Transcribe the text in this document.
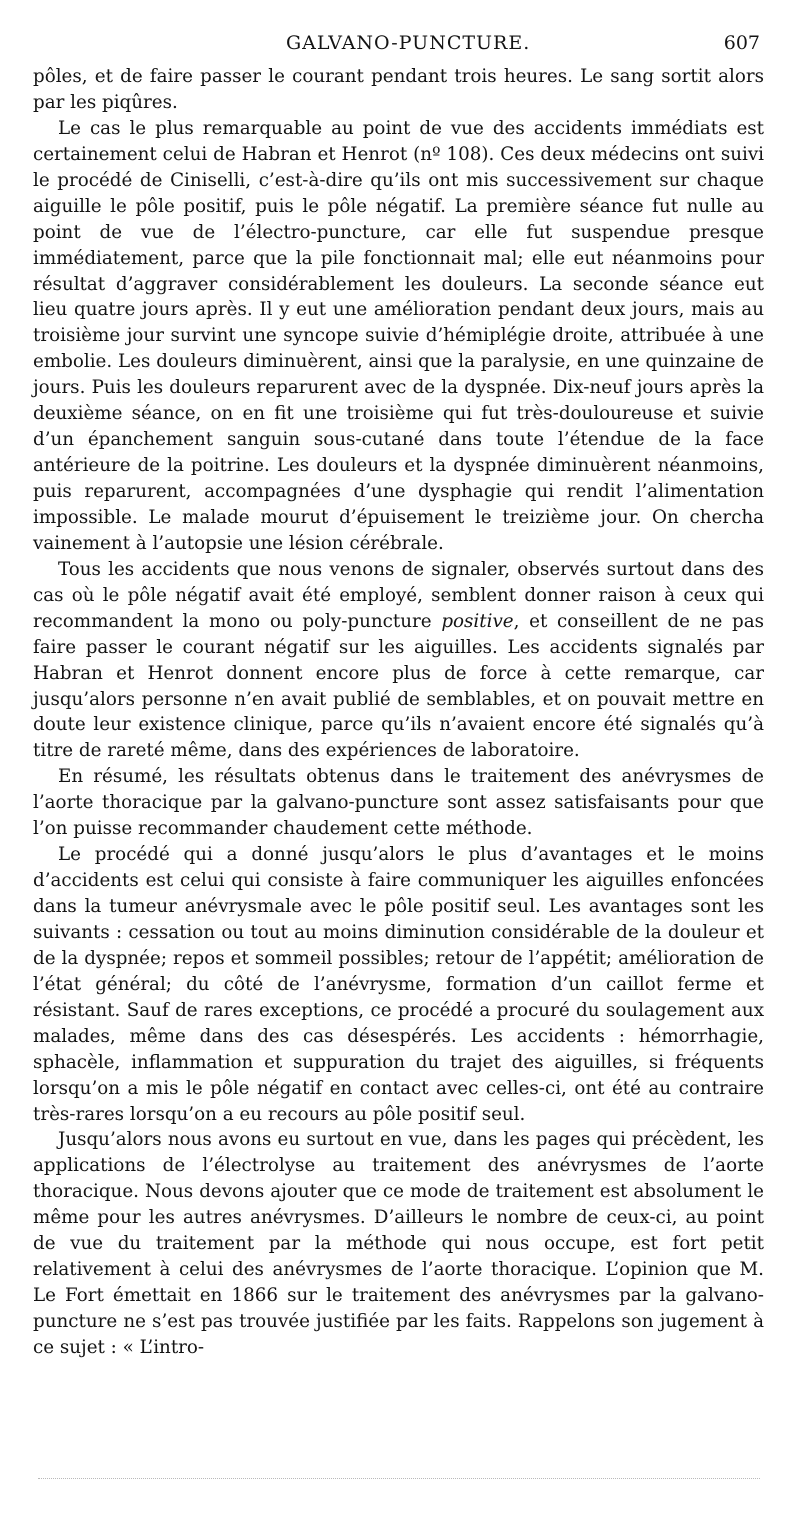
GALVANO-PUNCTURE.	607

pôles, et de faire passer le courant pendant trois heures. Le sang sortit alors par les piqûres.

Le cas le plus remarquable au point de vue des accidents immédiats est certainement celui de Habran et Henrot (nº 108). Ces deux médecins ont suivi le procédé de Ciniselli, c’est-à-dire qu’ils ont mis successivement sur chaque aiguille le pôle positif, puis le pôle négatif. La première séance fut nulle au point de vue de l’électro-puncture, car elle fut suspendue presque immédiatement, parce que la pile fonctionnait mal; elle eut néanmoins pour résultat d’aggraver considérablement les douleurs. La seconde séance eut lieu quatre jours après. Il y eut une amélioration pendant deux jours, mais au troisième jour survint une syncope suivie d’hémiplégie droite, attribuée à une embolie. Les douleurs diminuèrent, ainsi que la paralysie, en une quinzaine de jours. Puis les douleurs reparurent avec de la dyspnée. Dix-neuf jours après la deuxième séance, on en fit une troisième qui fut très-douloureuse et suivie d’un épanchement sanguin sous-cutané dans toute l’étendue de la face antérieure de la poitrine. Les douleurs et la dyspnée diminuèrent néanmoins, puis reparurent, accompagnées d’une dysphagie qui rendit l’alimentation impossible. Le malade mourut d’épuisement le treizième jour. On chercha vainement à l’autopsie une lésion cérébrale.

Tous les accidents que nous venons de signaler, observés surtout dans des cas où le pôle négatif avait été employé, semblent donner raison à ceux qui recommandent la mono ou poly-puncture positive, et conseillent de ne pas faire passer le courant négatif sur les aiguilles. Les accidents signalés par Habran et Henrot donnent encore plus de force à cette remarque, car jusqu’alors personne n’en avait publié de semblables, et on pouvait mettre en doute leur existence clinique, parce qu’ils n’avaient encore été signalés qu’à titre de rareté même, dans des expériences de laboratoire.

En résumé, les résultats obtenus dans le traitement des anévrysmes de l’aorte thoracique par la galvano-puncture sont assez satisfaisants pour que l’on puisse recommander chaudement cette méthode.

Le procédé qui a donné jusqu’alors le plus d’avantages et le moins d’accidents est celui qui consiste à faire communiquer les aiguilles enfoncées dans la tumeur anévrysmale avec le pôle positif seul. Les avantages sont les suivants : cessation ou tout au moins diminution considérable de la douleur et de la dyspnée; repos et sommeil possibles; retour de l’appétit; amélioration de l’état général; du côté de l’anévrysme, formation d’un caillot ferme et résistant. Sauf de rares exceptions, ce procédé a procuré du soulagement aux malades, même dans des cas désespérés. Les accidents : hémorrhagie, sphacèle, inflammation et suppuration du trajet des aiguilles, si fréquents lorsqu’on a mis le pôle négatif en contact avec celles-ci, ont été au contraire très-rares lorsqu’on a eu recours au pôle positif seul.

Jusqu’alors nous avons eu surtout en vue, dans les pages qui précèdent, les applications de l’électrolyse au traitement des anévrysmes de l’aorte thoracique. Nous devons ajouter que ce mode de traitement est absolument le même pour les autres anévrysmes. D’ailleurs le nombre de ceux-ci, au point de vue du traitement par la méthode qui nous occupe, est fort petit relativement à celui des anévrysmes de l’aorte thoracique. L’opinion que M. Le Fort émettait en 1866 sur le traitement des anévrysmes par la galvano-puncture ne s’est pas trouvée justifiée par les faits. Rappelons son jugement à ce sujet : « L’intro-
